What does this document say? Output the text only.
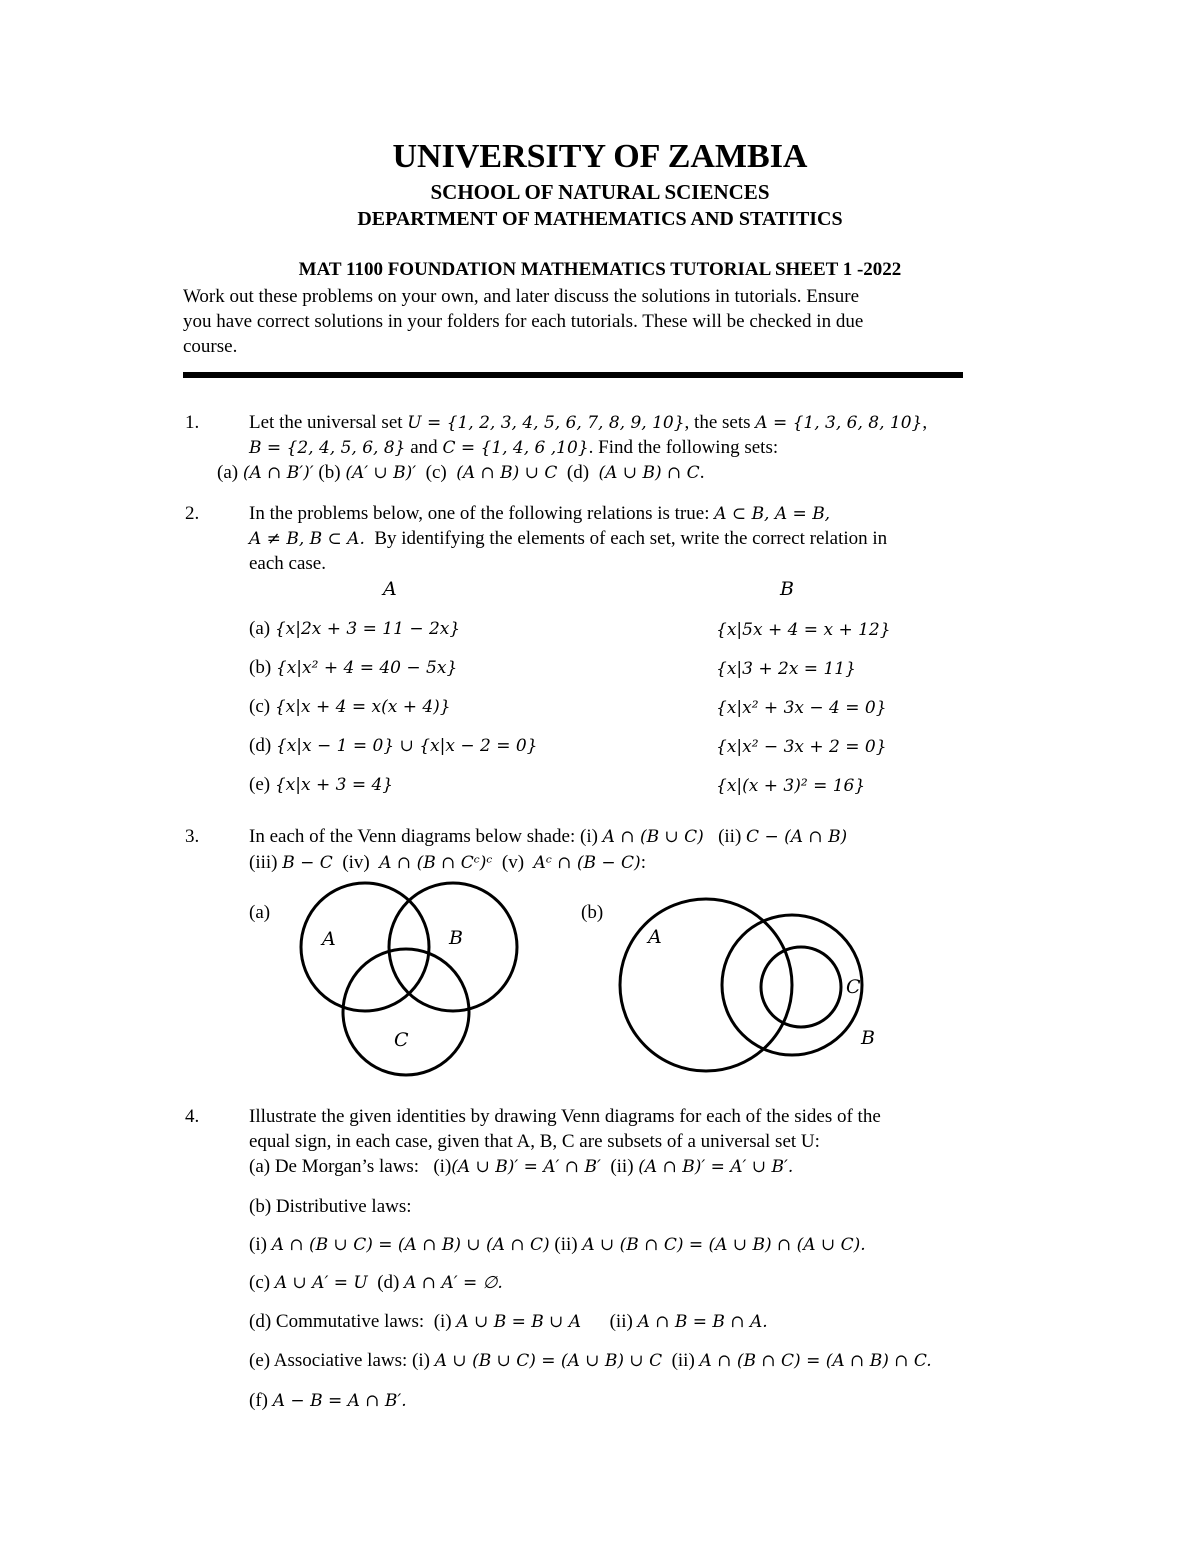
UNIVERSITY OF ZAMBIA
SCHOOL OF NATURAL SCIENCES
DEPARTMENT OF MATHEMATICS AND STATITICS
MAT 1100 FOUNDATION MATHEMATICS TUTORIAL SHEET 1 -2022
Work out these problems on your own, and later discuss the solutions in tutorials. Ensure
you have correct solutions in your folders for each tutorials. These will be checked in due
course.
1.	Let the universal set U = {1, 2, 3, 4, 5, 6, 7, 8, 9, 10}, the sets A = {1, 3, 6, 8, 10},
B = {2, 4, 5, 6, 8} and C = {1, 4, 6 ,10}. Find the following sets:
(a) (A ∩ B′)′ (b) (A′ ∪ B)′  (c)  (A ∩ B) ∪ C  (d)  (A ∪ B) ∩ C.
2.	In the problems below, one of the following relations is true: A ⊂ B, A = B,
A ≠ B, B ⊂ A.  By identifying the elements of each set, write the correct relation in
each case.
A	B
(a) {x|2x + 3 = 11 − 2x}	{x|5x + 4 = x + 12}
(b) {x|x² + 4 = 40 − 5x}	{x|3 + 2x = 11}
(c) {x|x + 4 = x(x + 4)}	{x|x² + 3x − 4 = 0}
(d) {x|x − 1 = 0} ∪ {x|x − 2 = 0}	{x|x² − 3x + 2 = 0}
(e) {x|x + 3 = 4}	{x|(x + 3)² = 16}
3.	In each of the Venn diagrams below shade: (i) A ∩ (B ∪ C)   (ii) C − (A ∩ B)
(iii) B − C  (iv)  A ∩ (B ∩ Cᶜ)ᶜ  (v)  Aᶜ ∩ (B − C):
(a)
A	B
C
(b)
A
C
B
4.	Illustrate the given identities by drawing Venn diagrams for each of the sides of the
equal sign, in each case, given that A, B, C are subsets of a universal set U:
(a) De Morgan’s laws:   (i)(A ∪ B)′ = A′ ∩ B′  (ii) (A ∩ B)′ = A′ ∪ B′.
(b) Distributive laws:
(i) A ∩ (B ∪ C) = (A ∩ B) ∪ (A ∩ C) (ii) A ∪ (B ∩ C) = (A ∪ B) ∩ (A ∪ C).
(c) A ∪ A′ = U  (d) A ∩ A′ = ∅.
(d) Commutative laws:  (i) A ∪ B = B ∪ A      (ii) A ∩ B = B ∩ A.
(e) Associative laws: (i) A ∪ (B ∪ C) = (A ∪ B) ∪ C  (ii) A ∩ (B ∩ C) = (A ∩ B) ∩ C.
(f) A − B = A ∩ B′.
